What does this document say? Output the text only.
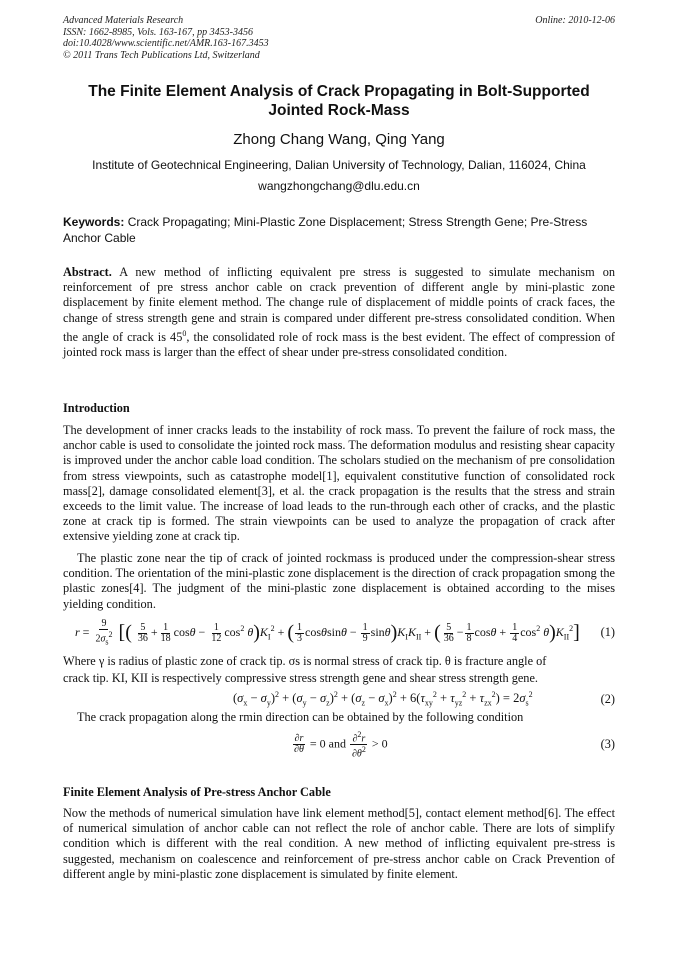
Advanced Materials Research
ISSN: 1662-8985, Vols. 163-167, pp 3453-3456
doi:10.4028/www.scientific.net/AMR.163-167.3453
© 2011 Trans Tech Publications Ltd, Switzerland
Online: 2010-12-06
The Finite Element Analysis of Crack Propagating in Bolt-Supported
Jointed Rock-Mass
Zhong Chang Wang, Qing Yang
Institute of Geotechnical Engineering, Dalian University of Technology, Dalian, 116024, China
wangzhongchang@dlu.edu.cn
Keywords: Crack Propagating; Mini-Plastic Zone Displacement; Stress Strength Gene; Pre-Stress Anchor Cable
Abstract. A new method of inflicting equivalent pre stress is suggested to simulate mechanism on reinforcement of pre stress anchor cable on crack prevention of different angle by mini-plastic zone displacement by finite element method. The change rule of displacement of middle points of crack faces, the change of stress strength gene and strain is compared under different pre-stress consolidated condition. When the angle of crack is $45^0$, the consolidated role of rock mass is the best evident. The effect of compression of jointed rock mass is larger than the effect of shear under pre-stress consolidated condition.
Introduction
The development of inner cracks leads to the instability of rock mass. To prevent the failure of rock mass, the anchor cable is used to consolidate the jointed rock mass. The deformation modulus and resisting shear capacity is improved under the anchor cable load condition. The scholars studied on the mechanism of pre consolidation from stress viewpoints, such as catastrophe model[1], equivalent constitutive function of consolidated rock mass[2], damage consolidated element[3], et al. the crack propagation is the results that the stress and strain exceeds to the limit value. The increase of load leads to the run-through each other of cracks, and the plastic zone at crack tip is formed. The strain viewpoints can be used to analyze the propagation of crack after extensive yielding zone at crack tip.
The plastic zone near the tip of crack of jointed rockmass is produced under the compression-shear stress condition. The orientation of the mini-plastic zone displacement is the direction of crack propagation smong the plastic zones[4]. The judgment of the mini-plastic zone displacement is obtained according to the mises yielding condition.
$r = \frac{9}{2\sigma_s^2}$ [( $\frac{5}{36} + \frac{1}{18}$ $\cos\theta - \frac{1}{12} \cos^2 \theta)K_I^2$ + ( $\frac{1}{3}$ $\cos\theta\sin\theta - \frac{1}{9} \sin\theta)K_IK_{II}$ + ( $\frac{5}{36} - \frac{1}{8}$ $\cos\theta + \frac{1}{4} \cos^2 \theta)K_{II}^2$] (1)
Where γ is radius of plastic zone of crack tip. σs is normal stress of crack tip. θ is fracture angle of
crack tip. KI, KII is respectively compressive stress strength gene and shear stress strength gene.
$(\sigma_x - \sigma_y)^2 + (\sigma_y - \sigma_z)^2 + (\sigma_z - \sigma_x)^2 + 6(\tau_{xy}^2 + \tau_{yz}^2 + \tau_{zx}^2) = 2\sigma_s^2$	(2)
The crack propagation along the rmin direction can be obtained by the following condition
$\frac{\partial r}{\partial\theta} = 0$ and $\frac{\partial^2r}{\partial\theta^2} > 0$	(3)
Finite Element Analysis of Pre-stress Anchor Cable
Now the methods of numerical simulation have link element method[5], contact element method[6]. The effect of numerical simulation of anchor cable can not reflect the role of anchor cable. There are lots of simplify condition which is different with the real condition. A new method of inflicting equivalent pre-stress is suggested, mechanism on coalescence and reinforcement of pre-stress anchor cable on Crack Prevention of different angle by mini-plastic zone displacement is simulated by finite element.
